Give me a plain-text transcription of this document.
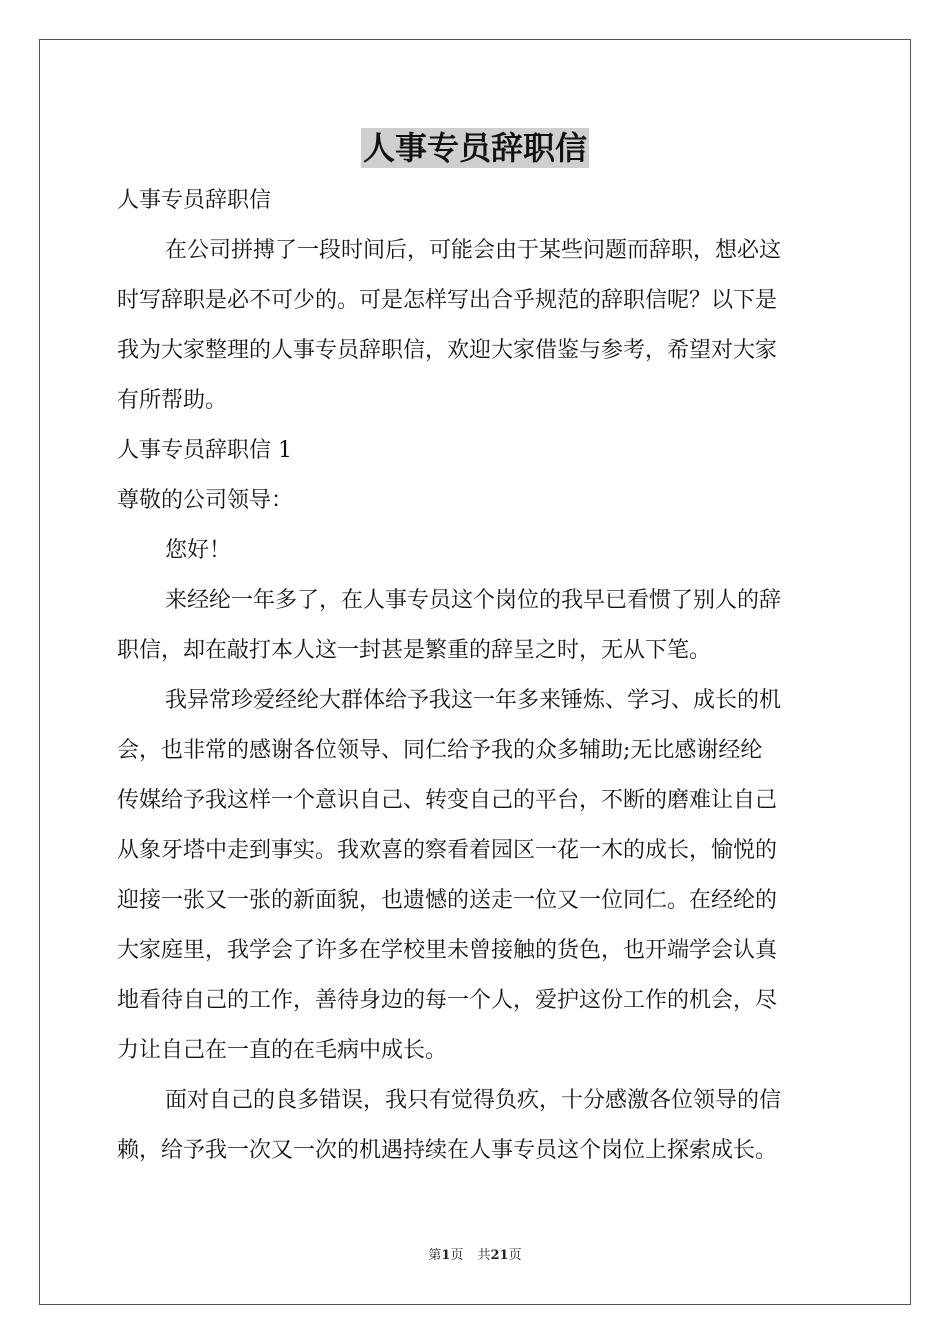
人事专员辞职信
人事专员辞职信
在公司拼搏了一段时间后，可能会由于某些问题而辞职，想必这
时写辞职是必不可少的。可是怎样写出合乎规范的辞职信呢？以下是
我为大家整理的人事专员辞职信，欢迎大家借鉴与参考，希望对大家
有所帮助。
人事专员辞职信 1
尊敬的公司领导：
您好！
来经纶一年多了，在人事专员这个岗位的我早已看惯了别人的辞
职信，却在敲打本人这一封甚是繁重的辞呈之时，无从下笔。
我异常珍爱经纶大群体给予我这一年多来锤炼、学习、成长的机
会，也非常的感谢各位领导、同仁给予我的众多辅助;无比感谢经纶
传媒给予我这样一个意识自己、转变自己的平台，不断的磨难让自己
从象牙塔中走到事实。我欢喜的察看着园区一花一木的成长，愉悦的
迎接一张又一张的新面貌，也遗憾的送走一位又一位同仁。在经纶的
大家庭里，我学会了许多在学校里未曾接触的货色，也开端学会认真
地看待自己的工作，善待身边的每一个人，爱护这份工作的机会，尽
力让自己在一直的在毛病中成长。
面对自己的良多错误，我只有觉得负疚，十分感激各位领导的信
赖，给予我一次又一次的机遇持续在人事专员这个岗位上探索成长。
第1页 共21页
